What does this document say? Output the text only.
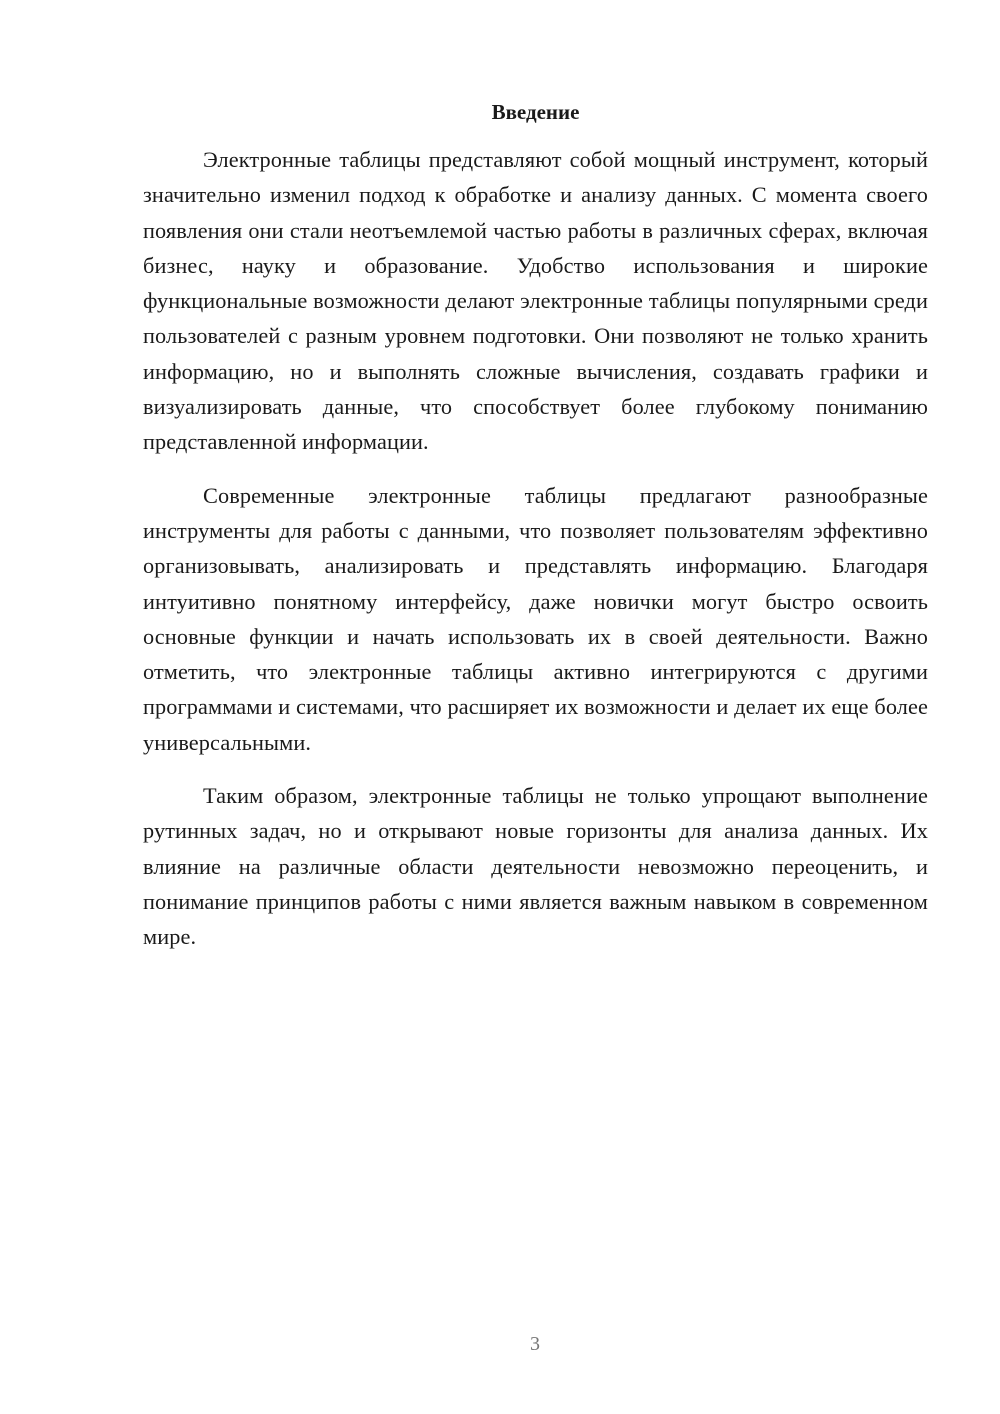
Введение

Электронные таблицы представляют собой мощный инструмент, который значительно изменил подход к обработке и анализу данных. С момента своего появления они стали неотъемлемой частью работы в различных сферах, включая бизнес, науку и образование. Удобство использования и широкие функциональные возможности делают электронные таблицы популярными среди пользователей с разным уровнем подготовки. Они позволяют не только хранить информацию, но и выполнять сложные вычисления, создавать графики и визуализировать данные, что способствует более глубокому пониманию представленной информации.

Современные электронные таблицы предлагают разнообразные инструменты для работы с данными, что позволяет пользователям эффективно организовывать, анализировать и представлять информацию. Благодаря интуитивно понятному интерфейсу, даже новички могут быстро освоить основные функции и начать использовать их в своей деятельности. Важно отметить, что электронные таблицы активно интегрируются с другими программами и системами, что расширяет их возможности и делает их еще более универсальными.

Таким образом, электронные таблицы не только упрощают выполнение рутинных задач, но и открывают новые горизонты для анализа данных. Их влияние на различные области деятельности невозможно переоценить, и понимание принципов работы с ними является важным навыком в современном мире.

3
